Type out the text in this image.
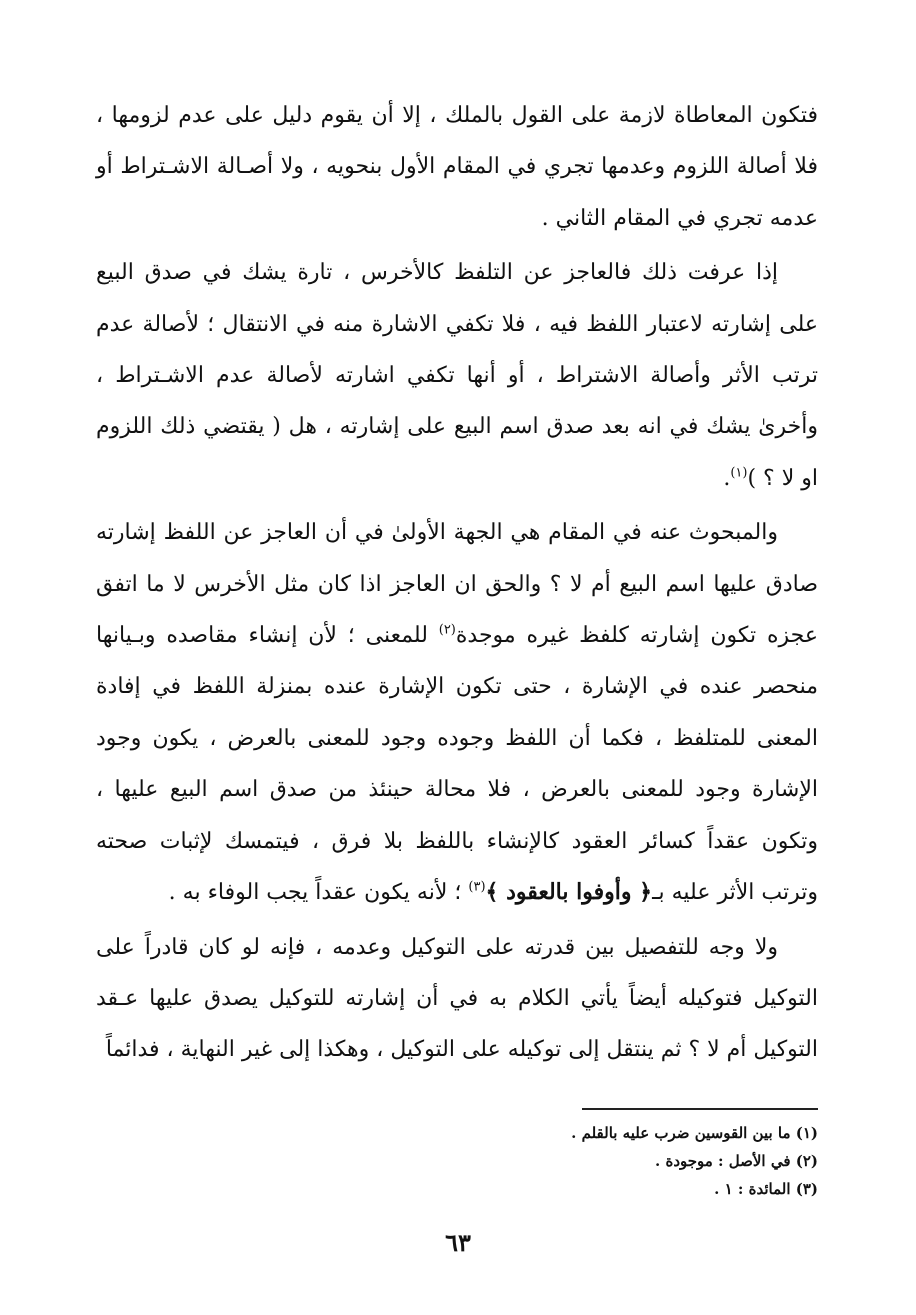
فتكون المعاطاة لازمة على القول بالملك ، إلا أن يقوم دليل على عدم لزومها ، فلا أصالة اللزوم وعدمها تجري في المقام الأول بنحويه ، ولا أصـالة الاشـتراط أو عدمه تجري في المقام الثاني .

إذا عرفت ذلك فالعاجز عن التلفظ كالأخرس ، تارة يشك في صدق البيع على إشارته لاعتبار اللفظ فيه ، فلا تكفي الاشارة منه في الانتقال ؛ لأصالة عدم ترتب الأثر وأصالة الاشتراط ، أو أنها تكفي اشارته لأصالة عدم الاشـتراط ، وأخرىٰ يشك في انه بعد صدق اسم البيع على إشارته ، هل ( يقتضي ذلك اللزوم او لا ؟ )$^{(١)}$.

والمبحوث عنه في المقام هي الجهة الأولىٰ في أن العاجز عن اللفظ إشارته صادق عليها اسم البيع أم لا ؟ والحق ان العاجز اذا كان مثل الأخرس لا ما اتفق عجزه تكون إشارته كلفظ غيره موجدة$^{(٢)}$ للمعنى ؛ لأن إنشاء مقاصده وبـيانها منحصر عنده في الإشارة ، حتى تكون الإشارة عنده بمنزلة اللفظ في إفادة المعنى للمتلفظ ، فكما أن اللفظ وجوده وجود للمعنى بالعرض ، يكون وجود الإشارة وجود للمعنى بالعرض ، فلا محالة حينئذ من صدق اسم البيع عليها ، وتكون عقداً كسائر العقود كالإنشاء باللفظ بلا فرق ، فيتمسك لإثبات صحته وترتب الأثر عليه بـ﴿ وأوفوا بالعقود ﴾$^{(٣)}$ ؛ لأنه يكون عقداً يجب الوفاء به .

ولا وجه للتفصيل بين قدرته على التوكيل وعدمه ، فإنه لو كان قادراً على التوكيل فتوكيله أيضاً يأتي الكلام به في أن إشارته للتوكيل يصدق عليها عـقد التوكيل أم لا ؟ ثم ينتقل إلى توكيله على التوكيل ، وهكذا إلى غير النهاية ، فدائماً

(١) ما بين القوسين ضرب عليه بالقلم .
(٢) في الأصل : موجودة .
(٣) المائدة : ١ .
٦٣
